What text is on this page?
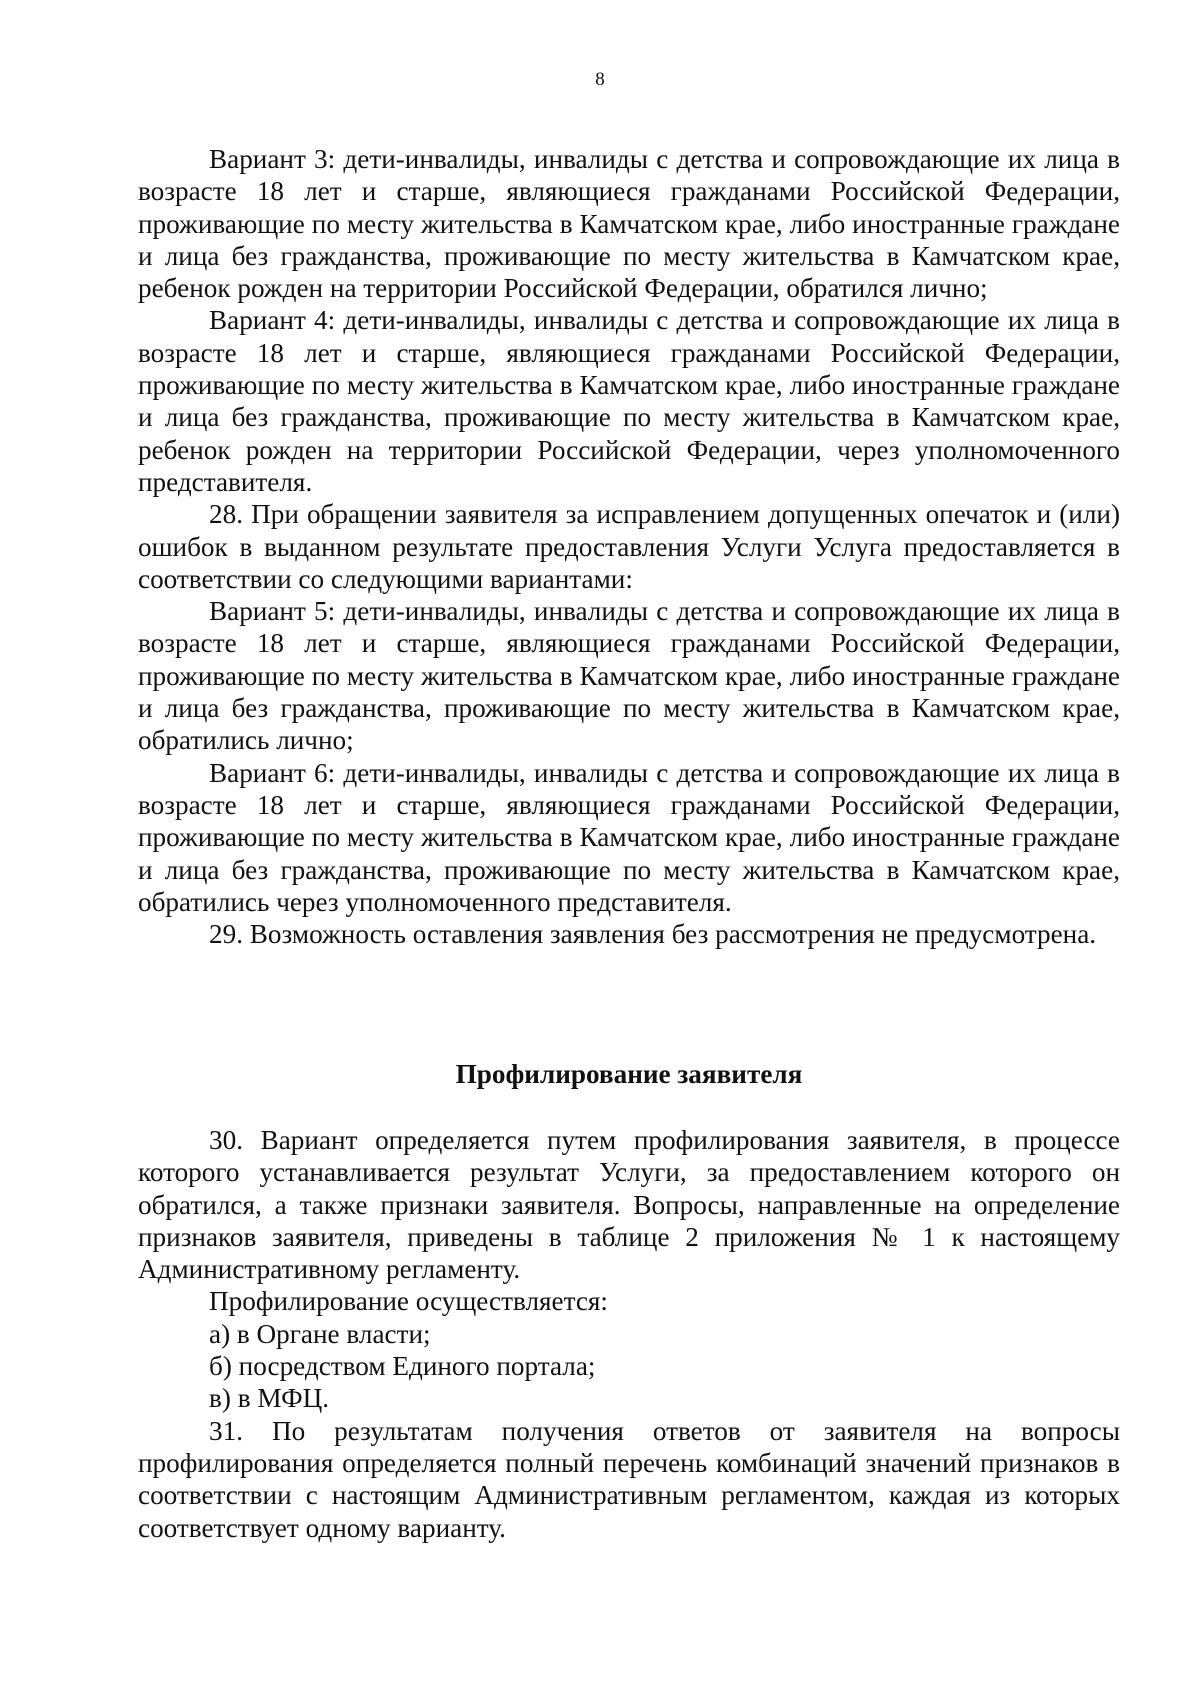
8

Вариант 3: дети-инвалиды, инвалиды с детства и сопровождающие их лица в возрасте 18 лет и старше, являющиеся гражданами Российской Федерации, проживающие по месту жительства в Камчатском крае, либо иностранные граждане и лица без гражданства, проживающие по месту жительства в Камчатском крае, ребенок рожден на территории Российской Федерации, обратился лично;

Вариант 4: дети-инвалиды, инвалиды с детства и сопровождающие их лица в возрасте 18 лет и старше, являющиеся гражданами Российской Федерации, проживающие по месту жительства в Камчатском крае, либо иностранные граждане и лица без гражданства, проживающие по месту жительства в Камчатском крае, ребенок рожден на территории Российской Федерации, через уполномоченного представителя.

28. При обращении заявителя за исправлением допущенных опечаток и (или) ошибок в выданном результате предоставления Услуги Услуга предоставляется в соответствии со следующими вариантами:

Вариант 5: дети-инвалиды, инвалиды с детства и сопровождающие их лица в возрасте 18 лет и старше, являющиеся гражданами Российской Федерации, проживающие по месту жительства в Камчатском крае, либо иностранные граждане и лица без гражданства, проживающие по месту жительства в Камчатском крае, обратились лично;

Вариант 6: дети-инвалиды, инвалиды с детства и сопровождающие их лица в возрасте 18 лет и старше, являющиеся гражданами Российской Федерации, проживающие по месту жительства в Камчатском крае, либо иностранные граждане и лица без гражданства, проживающие по месту жительства в Камчатском крае, обратились через уполномоченного представителя.

29. Возможность оставления заявления без рассмотрения не предусмотрена.

Профилирование заявителя

30. Вариант определяется путем профилирования заявителя, в процессе которого устанавливается результат Услуги, за предоставлением которого он обратился, а также признаки заявителя. Вопросы, направленные на определение признаков заявителя, приведены в таблице 2 приложения № 1 к настоящему Административному регламенту.

Профилирование осуществляется:

а) в Органе власти;

б) посредством Единого портала;

в) в МФЦ.

31. По результатам получения ответов от заявителя на вопросы профилирования определяется полный перечень комбинаций значений признаков в соответствии с настоящим Административным регламентом, каждая из которых соответствует одному варианту.
